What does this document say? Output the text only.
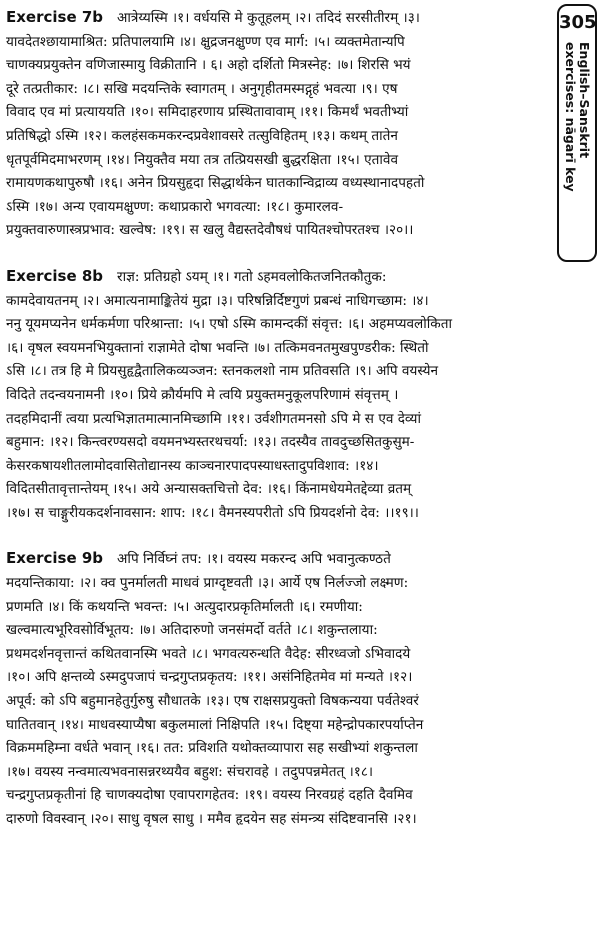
Exercise 7b आत्रेय्यस्मि ।१। वर्धयसि मे कुतूहलम् ।२। तदिदं सरसीतीरम् ।३।
यावदेतश्छायामाश्रित: प्रतिपालयामि ।४। क्षुद्रजनक्षुण्ण एव मार्ग: ।५। व्यक्तमेतान्यपि
चाणक्यप्रयुक्तेन वणिजास्मायु विक्रीतानि । ६। अहो दर्शितो मित्रस्नेह: ।७। शिरसि भयं
दूरे तत्प्रतीकार: ।८। सखि मदयन्तिके स्वागतम् । अनुगृहीतमस्मद्गृहं भवत्या ।९। एष
विवाद एव मां प्रत्याययति ।१०। समिदाहरणाय प्रस्थितावावाम् ।११। किमर्थं भवतीभ्यां
प्रतिषिद्धो ऽस्मि ।१२। कलहंसकमकरन्दप्रवेशावसरे तत्सुविहितम् ।१३। कथम् तातेन
धृतपूर्वमिदमाभरणम् ।१४। नियुक्तैव मया तत्र तत्प्रियसखी बुद्धरक्षिता ।१५। एतावेव
रामायणकथापुरुषौ ।१६। अनेन प्रियसुहृदा सिद्धार्थकेन घातकान्विद्राव्य वध्यस्थानादपहतो
ऽस्मि ।१७। अन्य एवायमक्षुण्ण: कथाप्रकारो भगवत्या: ।१८। कुमारलव-
प्रयुक्तवारुणास्त्रप्रभाव: खल्वेष: ।१९। स खलु वैद्यस्तदेवौषधं पायितश्चोपरतश्च ।२०।।
Exercise 8b राज्ञ: प्रतिग्रहो ऽयम् ।१। गतो ऽहमवलोकितजनितकौतुक:
कामदेवायतनम् ।२। अमात्यनामाङ्कितेयं मुद्रा ।३। परिषन्निर्दिष्टगुणं प्रबन्धं नाधिगच्छाम: ।४।
ननु यूयमप्यनेन धर्मकर्मणा परिश्रान्ता: ।५। एषो ऽस्मि कामन्दकीं संवृत्त: ।६। अहमप्यवलोकिता
।६। वृषल स्वयमनभियुक्तानां राज्ञामेते दोषा भवन्ति ।७। तत्किमवनतमुखपुण्डरीक: स्थितो
ऽसि ।८। तत्र हि मे प्रियसुहृद्वैतालिकव्यञ्जन: स्तनकलशो नाम प्रतिवसति ।९। अपि वयस्येन
विदिते तदन्वयनामनी ।१०। प्रिये क्रौर्यमपि मे त्वयि प्रयुक्तमनुकूलपरिणामं संवृत्तम् ।
तदहमिदानीं त्वया प्रत्यभिज्ञातमात्मानमिच्छामि ।११। उर्वशीगतमनसो ऽपि मे स एव देव्यां
बहुमान: ।१२। किन्त्वरण्यसदो वयमनभ्यस्तरथचर्या: ।१३। तदस्यैव तावदुच्छसितकुसुम-
केसरकषायशीतलामोदवासितोद्यानस्य काञ्चनारपादपस्याधस्तादुपविशाव: ।१४।
विदितसीतावृत्तान्तेयम् ।१५। अये अन्यासक्तचित्तो देव: ।१६। किंनामधेयमेतद्देव्या व्रतम्
।१७। स चाङ्गुरीयकदर्शनावसान: शाप: ।१८। वैमनस्यपरीतो ऽपि प्रियदर्शनो देव: ।।१९।।
Exercise 9b अपि निर्विघ्नं तप: ।१। वयस्य मकरन्द अपि भवानुत्कण्ठते
मदयन्तिकाया: ।२। क्व पुनर्मालती माधवं प्राग्दृष्टवती ।३। आर्ये एष निर्लज्जो लक्ष्मण:
प्रणमति ।४। किं कथयन्ति भवन्त: ।५। अत्युदारप्रकृतिर्मालती ।६। रमणीया:
खल्वमात्यभूरिवसोर्विभूतय: ।७। अतिदारुणो जनसंमर्दो वर्तते ।८। शकुन्तलाया:
प्रथमदर्शनवृत्तान्तं कथितवानस्मि भवते ।८। भगवत्यरुन्धति वैदेह: सीरध्वजो ऽभिवादये
।१०। अपि क्षन्तव्ये ऽस्मदुपजापं चन्द्रगुप्तप्रकृतय: ।११। असंनिहितमेव मां मन्यते ।१२।
अपूर्व: को ऽपि बहुमानहेतुर्गुरुषु सौधातके ।१३। एष राक्षसप्रयुक्तो विषकन्यया पर्वतेश्वरं
घातितवान् ।१४। माधवस्याप्यैषा बकुलमालां निक्षिपति ।१५। दिष्ट्या महेन्द्रोपकारपर्याप्तेन
विक्रममहिम्ना वर्धते भवान् ।१६। तत: प्रविशति यथोक्तव्यापारा सह सखीभ्यां शकुन्तला
।१७। वयस्य नन्वमात्यभवनासन्नरथ्ययैव बहुश: संचरावहे । तदुपपन्नमेतत् ।१८।
चन्द्रगुप्तप्रकृतीनां हि चाणक्यदोषा एवापरागहेतव: ।१९। वयस्य निरवग्रहं दहति दैवमिव
दारुणो विवस्वान् ।२०। साधु वृषल साधु । ममैव हृदयेन सह संमन्त्र्य संदिष्टवानसि ।२१।
305
English–Sanskrit
exercises: nāgarī key
